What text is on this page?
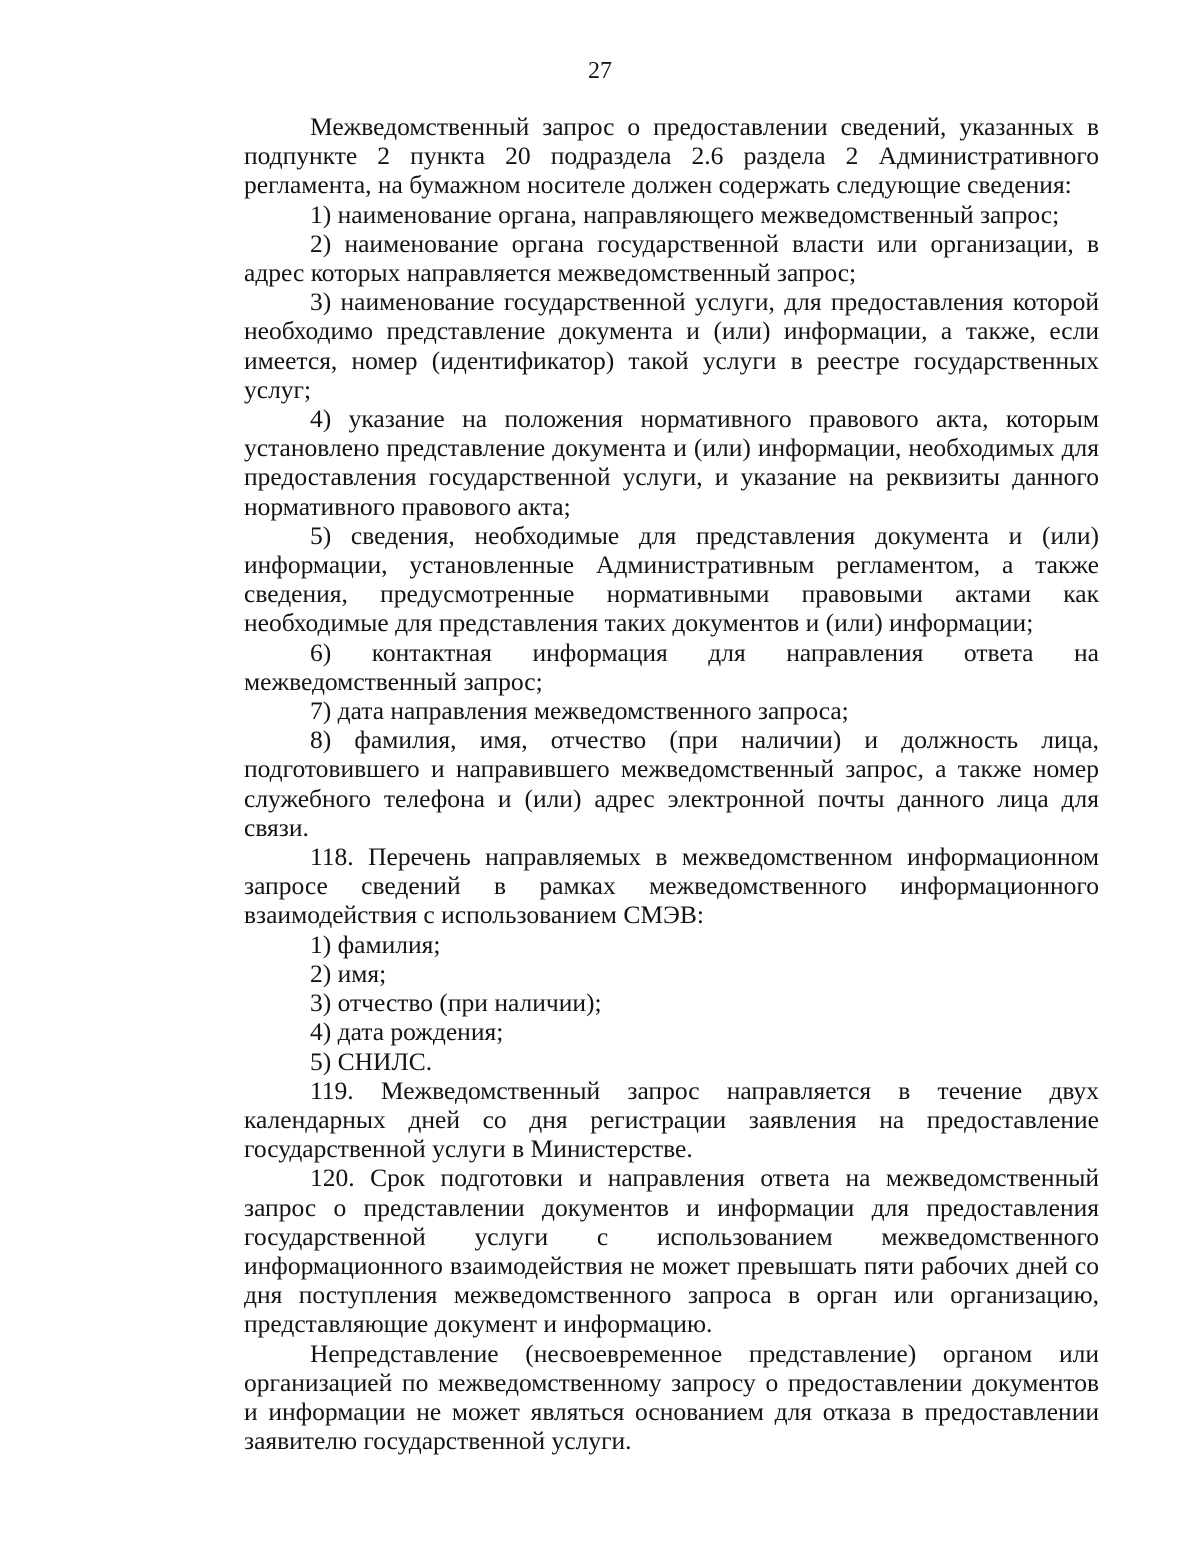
27

Межведомственный запрос о предоставлении сведений, указанных в подпункте 2 пункта 20 подраздела 2.6 раздела 2 Административного регламента, на бумажном носителе должен содержать следующие сведения:

1) наименование органа, направляющего межведомственный запрос;

2) наименование органа государственной власти или организации, в адрес которых направляется межведомственный запрос;

3) наименование государственной услуги, для предоставления которой необходимо представление документа и (или) информации, а также, если имеется, номер (идентификатор) такой услуги в реестре государственных услуг;

4) указание на положения нормативного правового акта, которым установлено представление документа и (или) информации, необходимых для предоставления государственной услуги, и указание на реквизиты данного нормативного правового акта;

5) сведения, необходимые для представления документа и (или) информации, установленные Административным регламентом, а также сведения, предусмотренные нормативными правовыми актами как необходимые для представления таких документов и (или) информации;

6) контактная информация для направления ответа на межведомственный запрос;

7) дата направления межведомственного запроса;

8) фамилия, имя, отчество (при наличии) и должность лица, подготовившего и направившего межведомственный запрос, а также номер служебного телефона и (или) адрес электронной почты данного лица для связи.

118. Перечень направляемых в межведомственном информационном запросе сведений в рамках межведомственного информационного взаимодействия с использованием СМЭВ:

1) фамилия;

2) имя;

3) отчество (при наличии);

4) дата рождения;

5) СНИЛС.

119. Межведомственный запрос направляется в течение двух календарных дней со дня регистрации заявления на предоставление государственной услуги в Министерстве.

120. Срок подготовки и направления ответа на межведомственный запрос о представлении документов и информации для предоставления государственной услуги с использованием межведомственного информационного взаимодействия не может превышать пяти рабочих дней со дня поступления межведомственного запроса в орган или организацию, представляющие документ и информацию.

Непредставление (несвоевременное представление) органом или организацией по межведомственному запросу о предоставлении документов и информации не может являться основанием для отказа в предоставлении заявителю государственной услуги.
